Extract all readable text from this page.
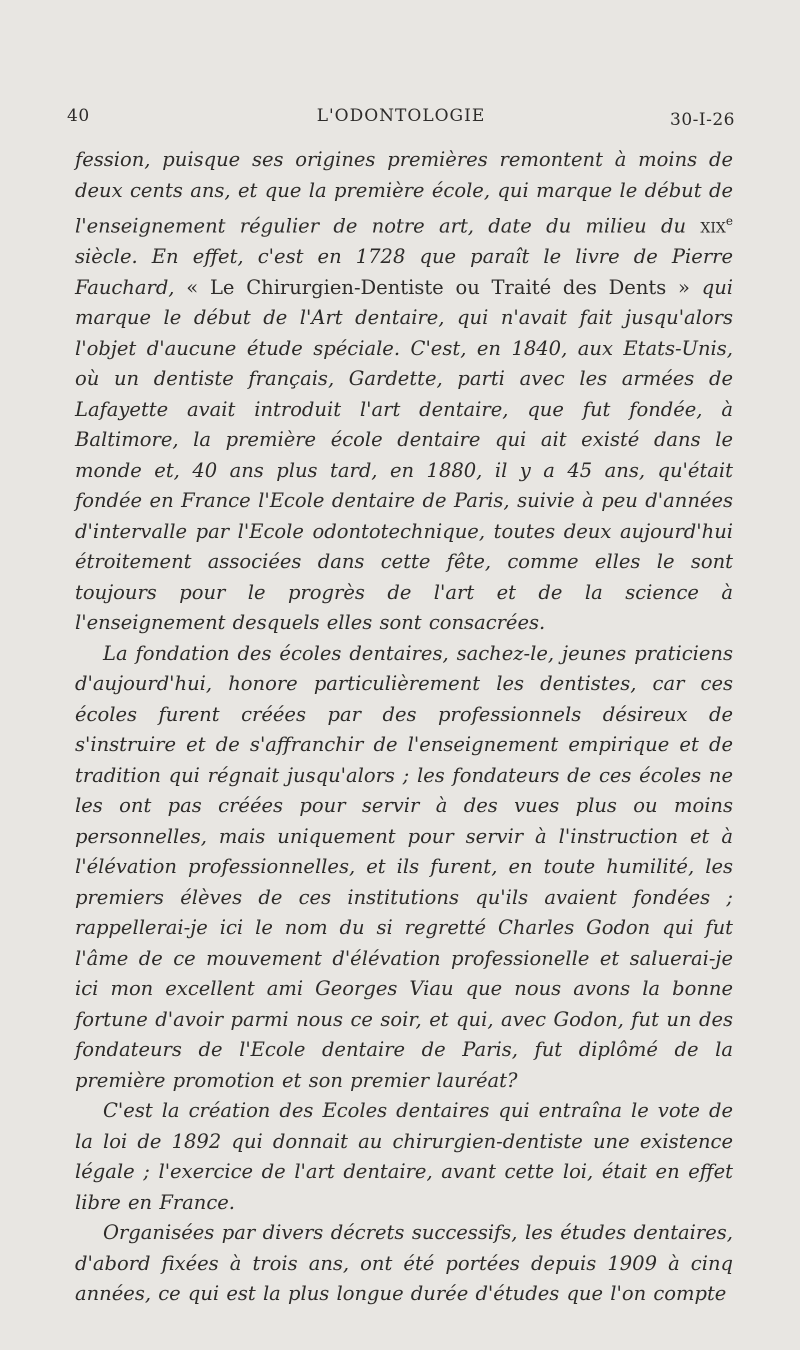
40	L'ODONTOLOGIE	30-I-26

fession, puisque ses origines premières remontent à moins de deux cents ans, et que la première école, qui marque le début de l'enseignement régulier de notre art, date du milieu du xix$^e$ siècle. En effet, c'est en 1728 que paraît le livre de Pierre Fauchard, « Le Chirurgien-Dentiste ou Traité des Dents » qui marque le début de l'Art dentaire, qui n'avait fait jusqu'alors l'objet d'aucune étude spéciale. C'est, en 1840, aux Etats-Unis, où un dentiste français, Gardette, parti avec les armées de Lafayette avait introduit l'art dentaire, que fut fondée, à Baltimore, la première école dentaire qui ait existé dans le monde et, 40 ans plus tard, en 1880, il y a 45 ans, qu'était fondée en France l'Ecole dentaire de Paris, suivie à peu d'années d'intervalle par l'Ecole odontotechnique, toutes deux aujourd'hui étroitement associées dans cette fête, comme elles le sont toujours pour le progrès de l'art et de la science à l'enseignement desquels elles sont consacrées.

La fondation des écoles dentaires, sachez-le, jeunes praticiens d'aujourd'hui, honore particulièrement les dentistes, car ces écoles furent créées par des professionnels désireux de s'instruire et de s'affranchir de l'enseignement empirique et de tradition qui régnait jusqu'alors ; les fondateurs de ces écoles ne les ont pas créées pour servir à des vues plus ou moins personnelles, mais uniquement pour servir à l'instruction et à l'élévation professionnelles, et ils furent, en toute humilité, les premiers élèves de ces institutions qu'ils avaient fondées ; rappellerai-je ici le nom du si regretté Charles Godon qui fut l'âme de ce mouvement d'élévation professionelle et saluerai-je ici mon excellent ami Georges Viau que nous avons la bonne fortune d'avoir parmi nous ce soir, et qui, avec Godon, fut un des fondateurs de l'Ecole dentaire de Paris, fut diplômé de la première promotion et son premier lauréat?

C'est la création des Ecoles dentaires qui entraîna le vote de la loi de 1892 qui donnait au chirurgien-dentiste une existence légale ; l'exercice de l'art dentaire, avant cette loi, était en effet libre en France.

Organisées par divers décrets successifs, les études dentaires, d'abord fixées à trois ans, ont été portées depuis 1909 à cinq années, ce qui est la plus longue durée d'études que l'on compte
